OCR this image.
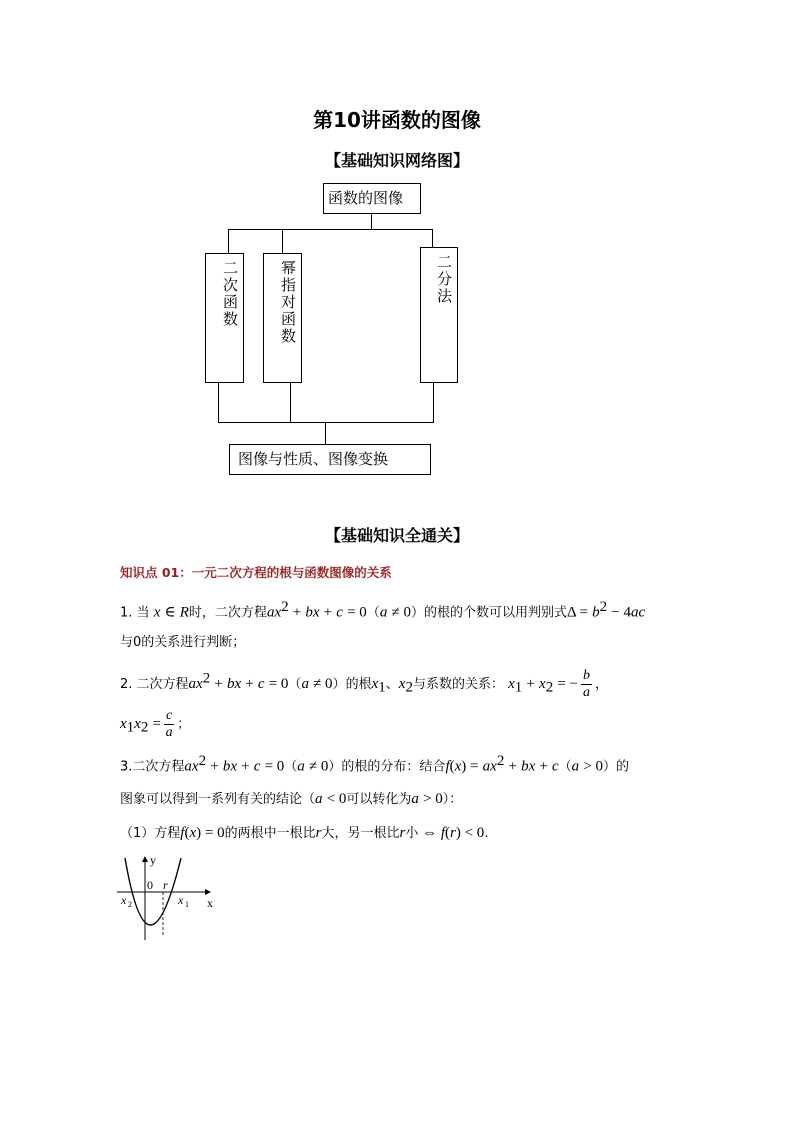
第10讲函数的图像
【基础知识网络图】
函数的图像
二次函数	幂指对函数	二分法
图像与性质、图像变换
【基础知识全通关】
知识点 01：一元二次方程的根与函数图像的关系
1. 当 x ∈ R时，二次方程$ax^2$ + bx + c = 0（a ≠ 0）的根的个数可以用判别式$\Delta = b^2 - 4ac$
与0的关系进行判断；
2. 二次方程$ax^2$ + bx + c = 0（a ≠ 0）的根$x_1$、$x_2$与系数的关系： $x_1 + x_2$ = − $\frac{b}{a}$ ，
$x_1x_2 = \frac{c}{a}$ ；
3.二次方程$ax^2$ + bx + c = 0（a ≠ 0）的根的分布：结合$f(x) = ax^2$ + bx + c（a > 0）的
图象可以得到一系列有关的结论（a < 0可以转化为a > 0）：
（1）方程f(x) = 0的两根中一根比r大，另一根比r小 ⇔ f(r) < 0.
y
x
0 r
x 1
x 2
